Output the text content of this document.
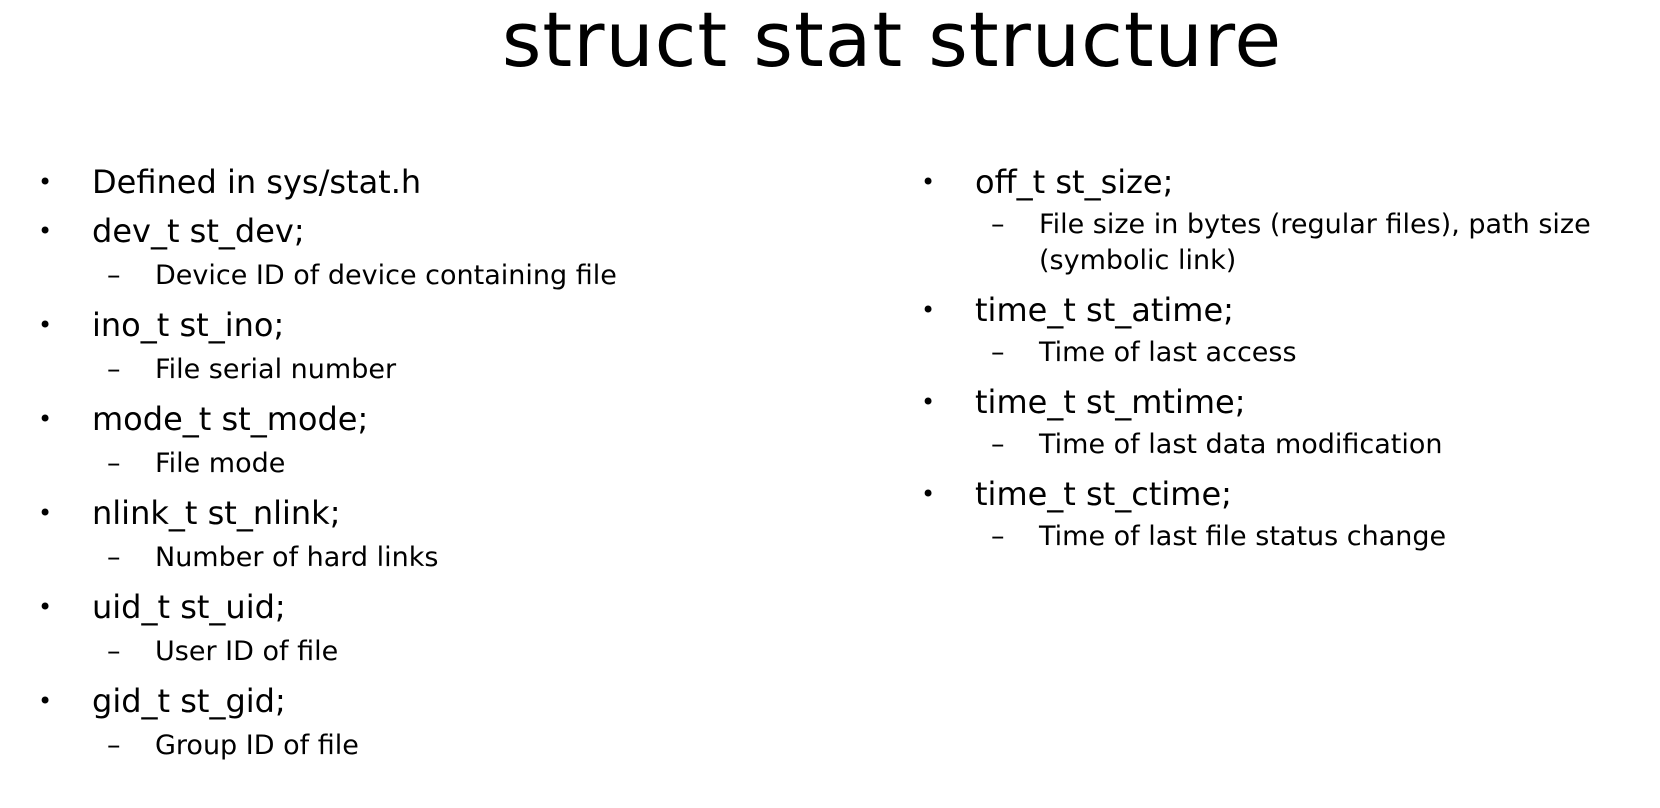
struct stat structure
• Defined in sys/stat.h
• dev_t st_dev;
– Device ID of device containing file
• ino_t st_ino;
– File serial number
• mode_t st_mode;
– File mode
• nlink_t st_nlink;
– Number of hard links
• uid_t st_uid;
– User ID of file
• gid_t st_gid;
– Group ID of file
• off_t st_size;
– File size in bytes (regular files), path size (symbolic link)
• time_t st_atime;
– Time of last access
• time_t st_mtime;
– Time of last data modification
• time_t st_ctime;
– Time of last file status change
